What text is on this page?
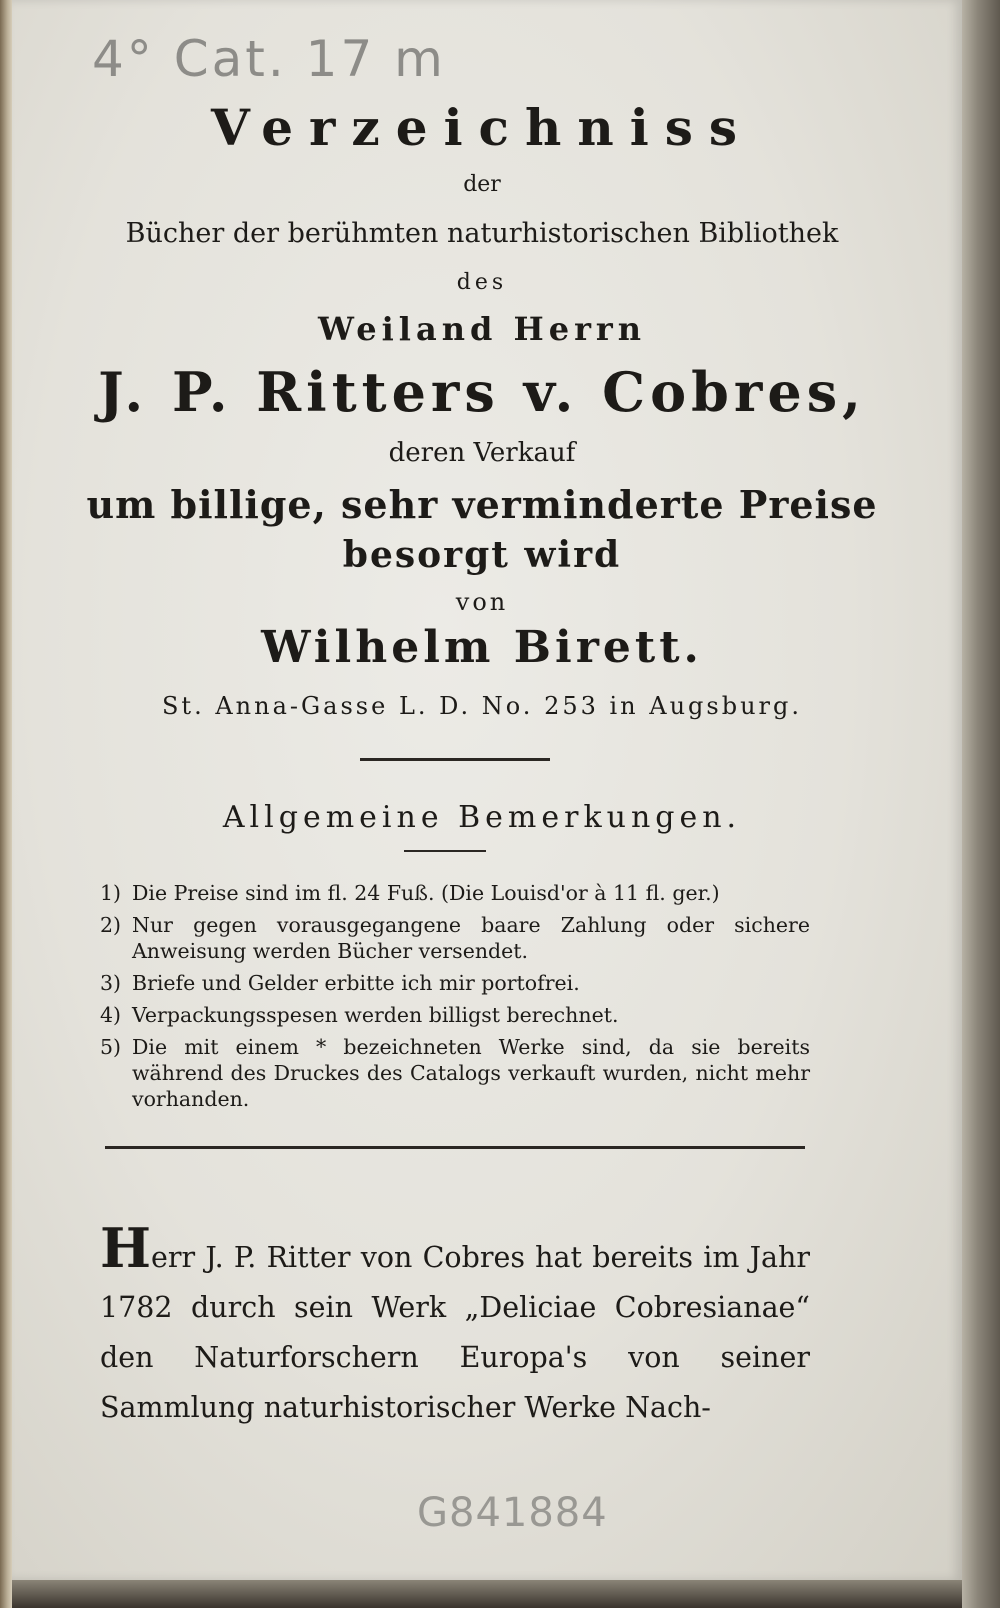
4° Cat. 17 m
Verzeichniss
der
Bücher der berühmten naturhistorischen Bibliothek
des
Weiland Herrn
J. P. Ritters v. Cobres,
deren Verkauf
um billige, sehr verminderte Preise
besorgt wird
von
Wilhelm Birett.
St. Anna-Gasse L. D. No. 253 in Augsburg.
Allgemeine Bemerkungen.
1) Die Preise sind im fl. 24 Fuß. (Die Louisd'or à 11 fl. ger.)
2) Nur gegen vorausgegangene baare Zahlung oder sichere Anweisung werden Bücher versendet.
3) Briefe und Gelder erbitte ich mir portofrei.
4) Verpackungsspesen werden billigst berechnet.
5) Die mit einem * bezeichneten Werke sind, da sie bereits während des Druckes des Catalogs verkauft wurden, nicht mehr vorhanden.
Herr J. P. Ritter von Cobres hat bereits im Jahr 1782 durch sein Werk „Deliciae Cobresianae“ den Naturforschern Europa's von seiner Sammlung naturhistorischer Werke Nach-
G841884
